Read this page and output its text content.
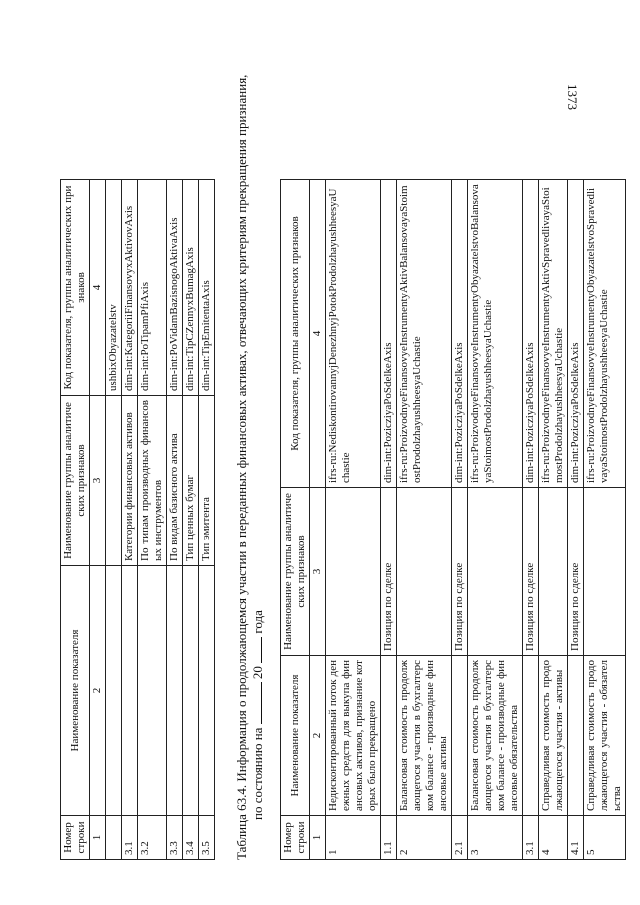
1373
Номер строки	Наименование показателя	Наименование группы аналитических признаков	Код показателя, группы аналитических признаков
1	2	3	4
			ushbixObyazatelstv
3.1		Категории финансовых активов	dim-int:KategoriiFinansovyxAktivovAxis
3.2		По типам производных финансовых инструментов	dim-int:PoTipamPfiAxis
3.3		По видам базисного актива	dim-int:PoVidamBazisnogoAktivaAxis
3.4		Тип ценных бумаг	dim-int:TipCZennyxBumagAxis
3.5		Тип эмитента	dim-int:TipEmitentaAxis Таблица 63.4. Информация о продолжающемся участии в переданных финансовых активах, отвечающих критериям прекращения признания, по состоянию на  20  года
Номер строки	Наименование показателя	Наименование группы аналитических признаков	Код показателя, группы аналитических признаков
1	2	3	4
1	Недисконтированный поток денежных средств для выкупа финансовых активов, признание которых было прекращено		ifrs-ru:NediskontirovannyjDenezhnyjPotokProdolzhayushheesyaUchastie
1.1		Позиция по сделке	dim-int:PoziczіyaPoSdelkeAxis
2	Балансовая стоимость продолжающегося участия в бухгалтерском балансе - производные финансовые активы		ifrs-ru:ProizvodnyeFinansovyeInstrumentyAktivBalansovayaStoimostProdolzhayushheesyaUchastie
2.1		Позиция по сделке	dim-int:PoziczіyaPoSdelkeAxis
3	Балансовая стоимость продолжающегося участия в бухгалтерском балансе - производные финансовые обязательства		ifrs-ru:ProizvodnyeFinansovyeInstrumentyObyazatelstvoBalansovayaStoimostProdolzhayushheesyaUchastie
3.1		Позиция по сделке	dim-int:PoziczіyaPoSdelkeAxis
4	Справедливая стоимость продолжающегося участия - активы		ifrs-ru:ProizvodnyeFinansovyeInstrumentyAktivSpravedlivayaStoimostProdolzhayushheesyaUchastie
4.1		Позиция по сделке	dim-int:PoziczіyaPoSdelkeAxis
5	Справедливая стоимость продолжающегося участия - обязательства		ifrs-ru:ProizvodnyeFinansovyeInstrumentyObyazatelstvoSpravedlivayaStoimostProdolzhayushheesyaUchastie
